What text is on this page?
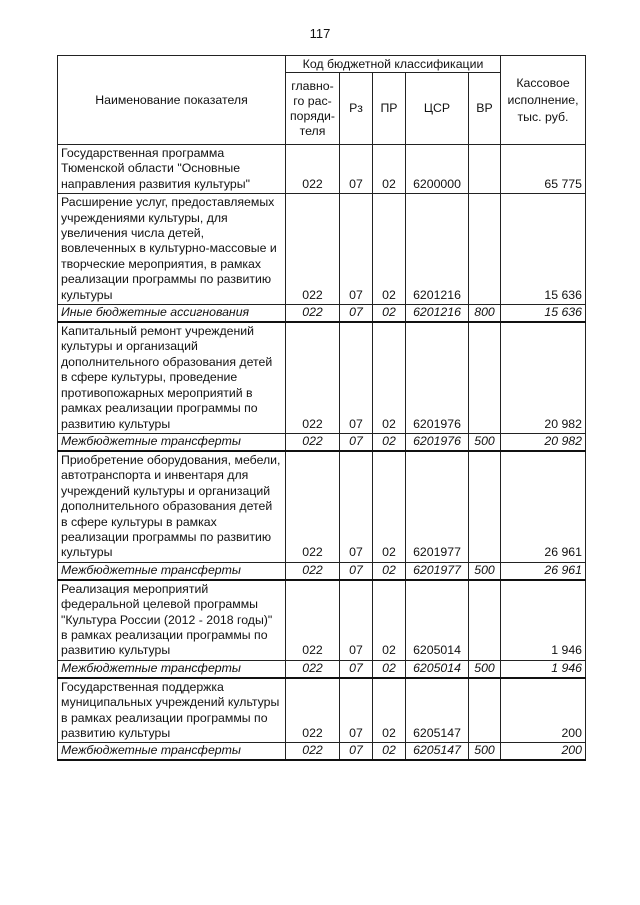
117
Наименование показателя	Код бюджетной классификации					Кассовое исполнение, тыс. руб.
	главно-го рас-поряди-теля	Рз	ПР	ЦСР	ВР	
Государственная программа Тюменской области "Основные направления развития культуры"	022	07	02	6200000		65 775
Расширение услуг, предоставляемых учреждениями культуры, для увеличения числа детей, вовлеченных в культурно-массовые и творческие мероприятия, в рамках реализации программы по развитию культуры	022	07	02	6201216		15 636
Иные бюджетные ассигнования	022	07	02	6201216	800	15 636
Капитальный ремонт учреждений культуры и организаций дополнительного образования детей в сфере культуры, проведение противопожарных мероприятий в рамках реализации программы по развитию культуры	022	07	02	6201976		20 982
Межбюджетные трансферты	022	07	02	6201976	500	20 982
Приобретение оборудования, мебели, автотранспорта и инвентаря для учреждений культуры и организаций дополнительного образования детей в сфере культуры в рамках реализации программы по развитию культуры	022	07	02	6201977		26 961
Межбюджетные трансферты	022	07	02	6201977	500	26 961
Реализация мероприятий федеральной целевой программы "Культура России (2012 - 2018 годы)" в рамках реализации программы по развитию культуры	022	07	02	6205014		1 946
Межбюджетные трансферты	022	07	02	6205014	500	1 946
Государственная поддержка муниципальных учреждений культуры в рамках реализации программы по развитию культуры	022	07	02	6205147		200
Межбюджетные трансферты	022	07	02	6205147	500	200
